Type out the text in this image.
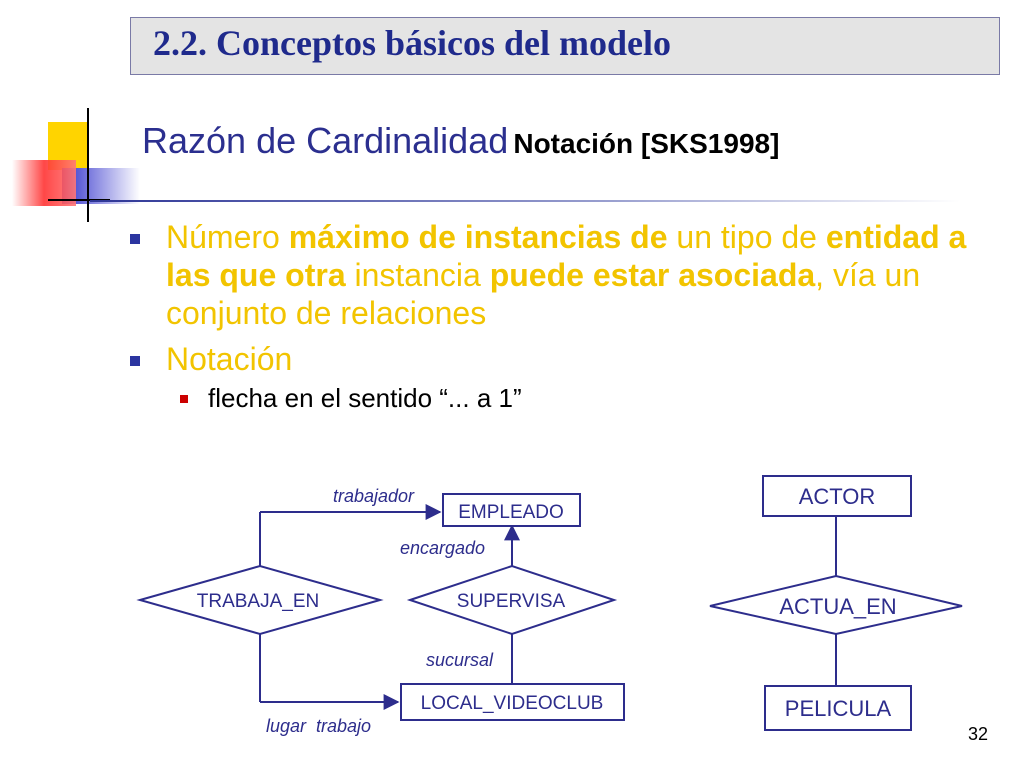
2.2. Conceptos básicos del modelo
Razón de Cardinalidad Notación [SKS1998]
Número máximo de instancias de un tipo de entidad a las que otra instancia puede estar asociada, vía un conjunto de relaciones
Notación
flecha en el sentido “... a 1”
EMPLEADO
LOCAL_VIDEOCLUB
ACTOR
PELICULA
TRABAJA_EN	SUPERVISA	ACTUA_EN
trabajador
encargado
sucursal
lugar  trabajo	32
